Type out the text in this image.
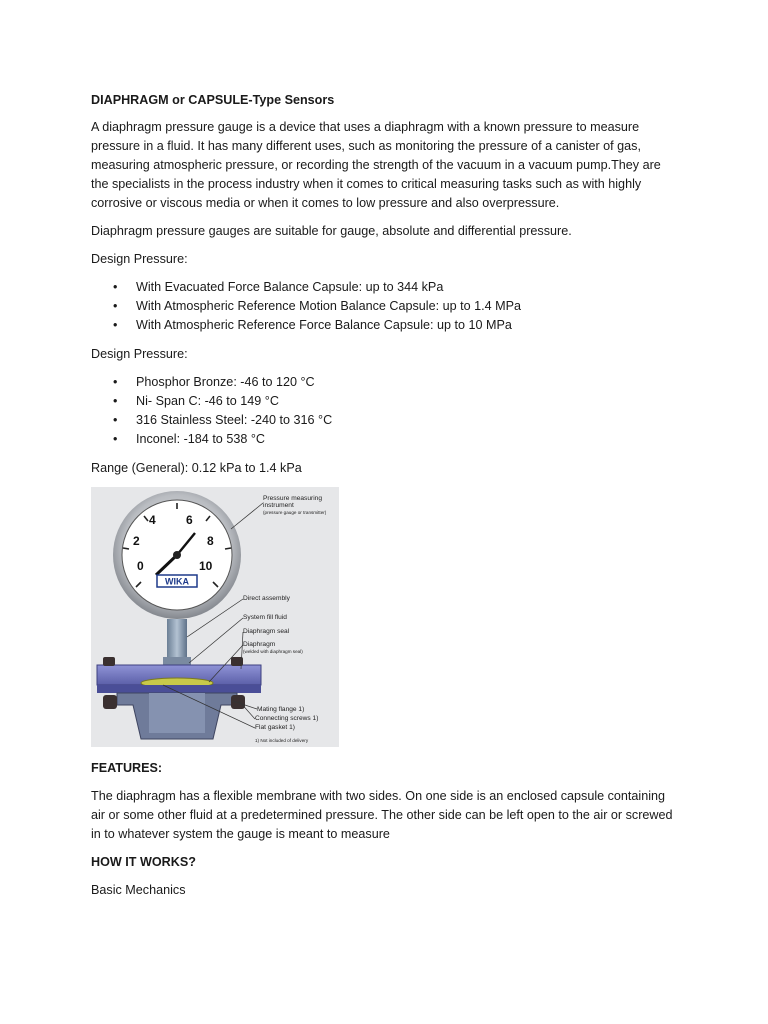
DIAPHRAGM or CAPSULE-Type Sensors

A diaphragm pressure gauge is a device that uses a diaphragm with a known pressure to measure pressure in a fluid. It has many different uses, such as monitoring the pressure of a canister of gas, measuring atmospheric pressure, or recording the strength of the vacuum in a vacuum pump.They are the specialists in the process industry when it comes to critical measuring tasks such as with highly corrosive or viscous media or when it comes to low pressure and also overpressure.

Diaphragm pressure gauges are suitable for gauge, absolute and differential pressure.

Design Pressure:

• With Evacuated Force Balance Capsule: up to 344 kPa
• With Atmospheric Reference Motion Balance Capsule: up to 1.4 MPa
• With Atmospheric Reference Force Balance Capsule: up to 10 MPa

Design Pressure:

• Phosphor Bronze: -46 to 120 °C
• Ni- Span C: -46 to 149 °C
• 316 Stainless Steel: -240 to 316 °C
• Inconel: -184 to 538 °C

Range (General): 0.12 kPa to 1.4 kPa

0
2
4	6
8
10
WIKA
Pressure measuring
instrument
(pressure gauge or transmitter)
Direct assembly
System fill fluid
Diaphragm seal
Diaphragm
(welded with diaphragm seal)
Mating flange 1)
Connecting screws 1)
Flat gasket 1)
1) Not included of delivery

FEATURES:

The diaphragm has a flexible membrane with two sides. On one side is an enclosed capsule containing air or some other fluid at a predetermined pressure. The other side can be left open to the air or screwed in to whatever system the gauge is meant to measure

HOW IT WORKS?

Basic Mechanics
